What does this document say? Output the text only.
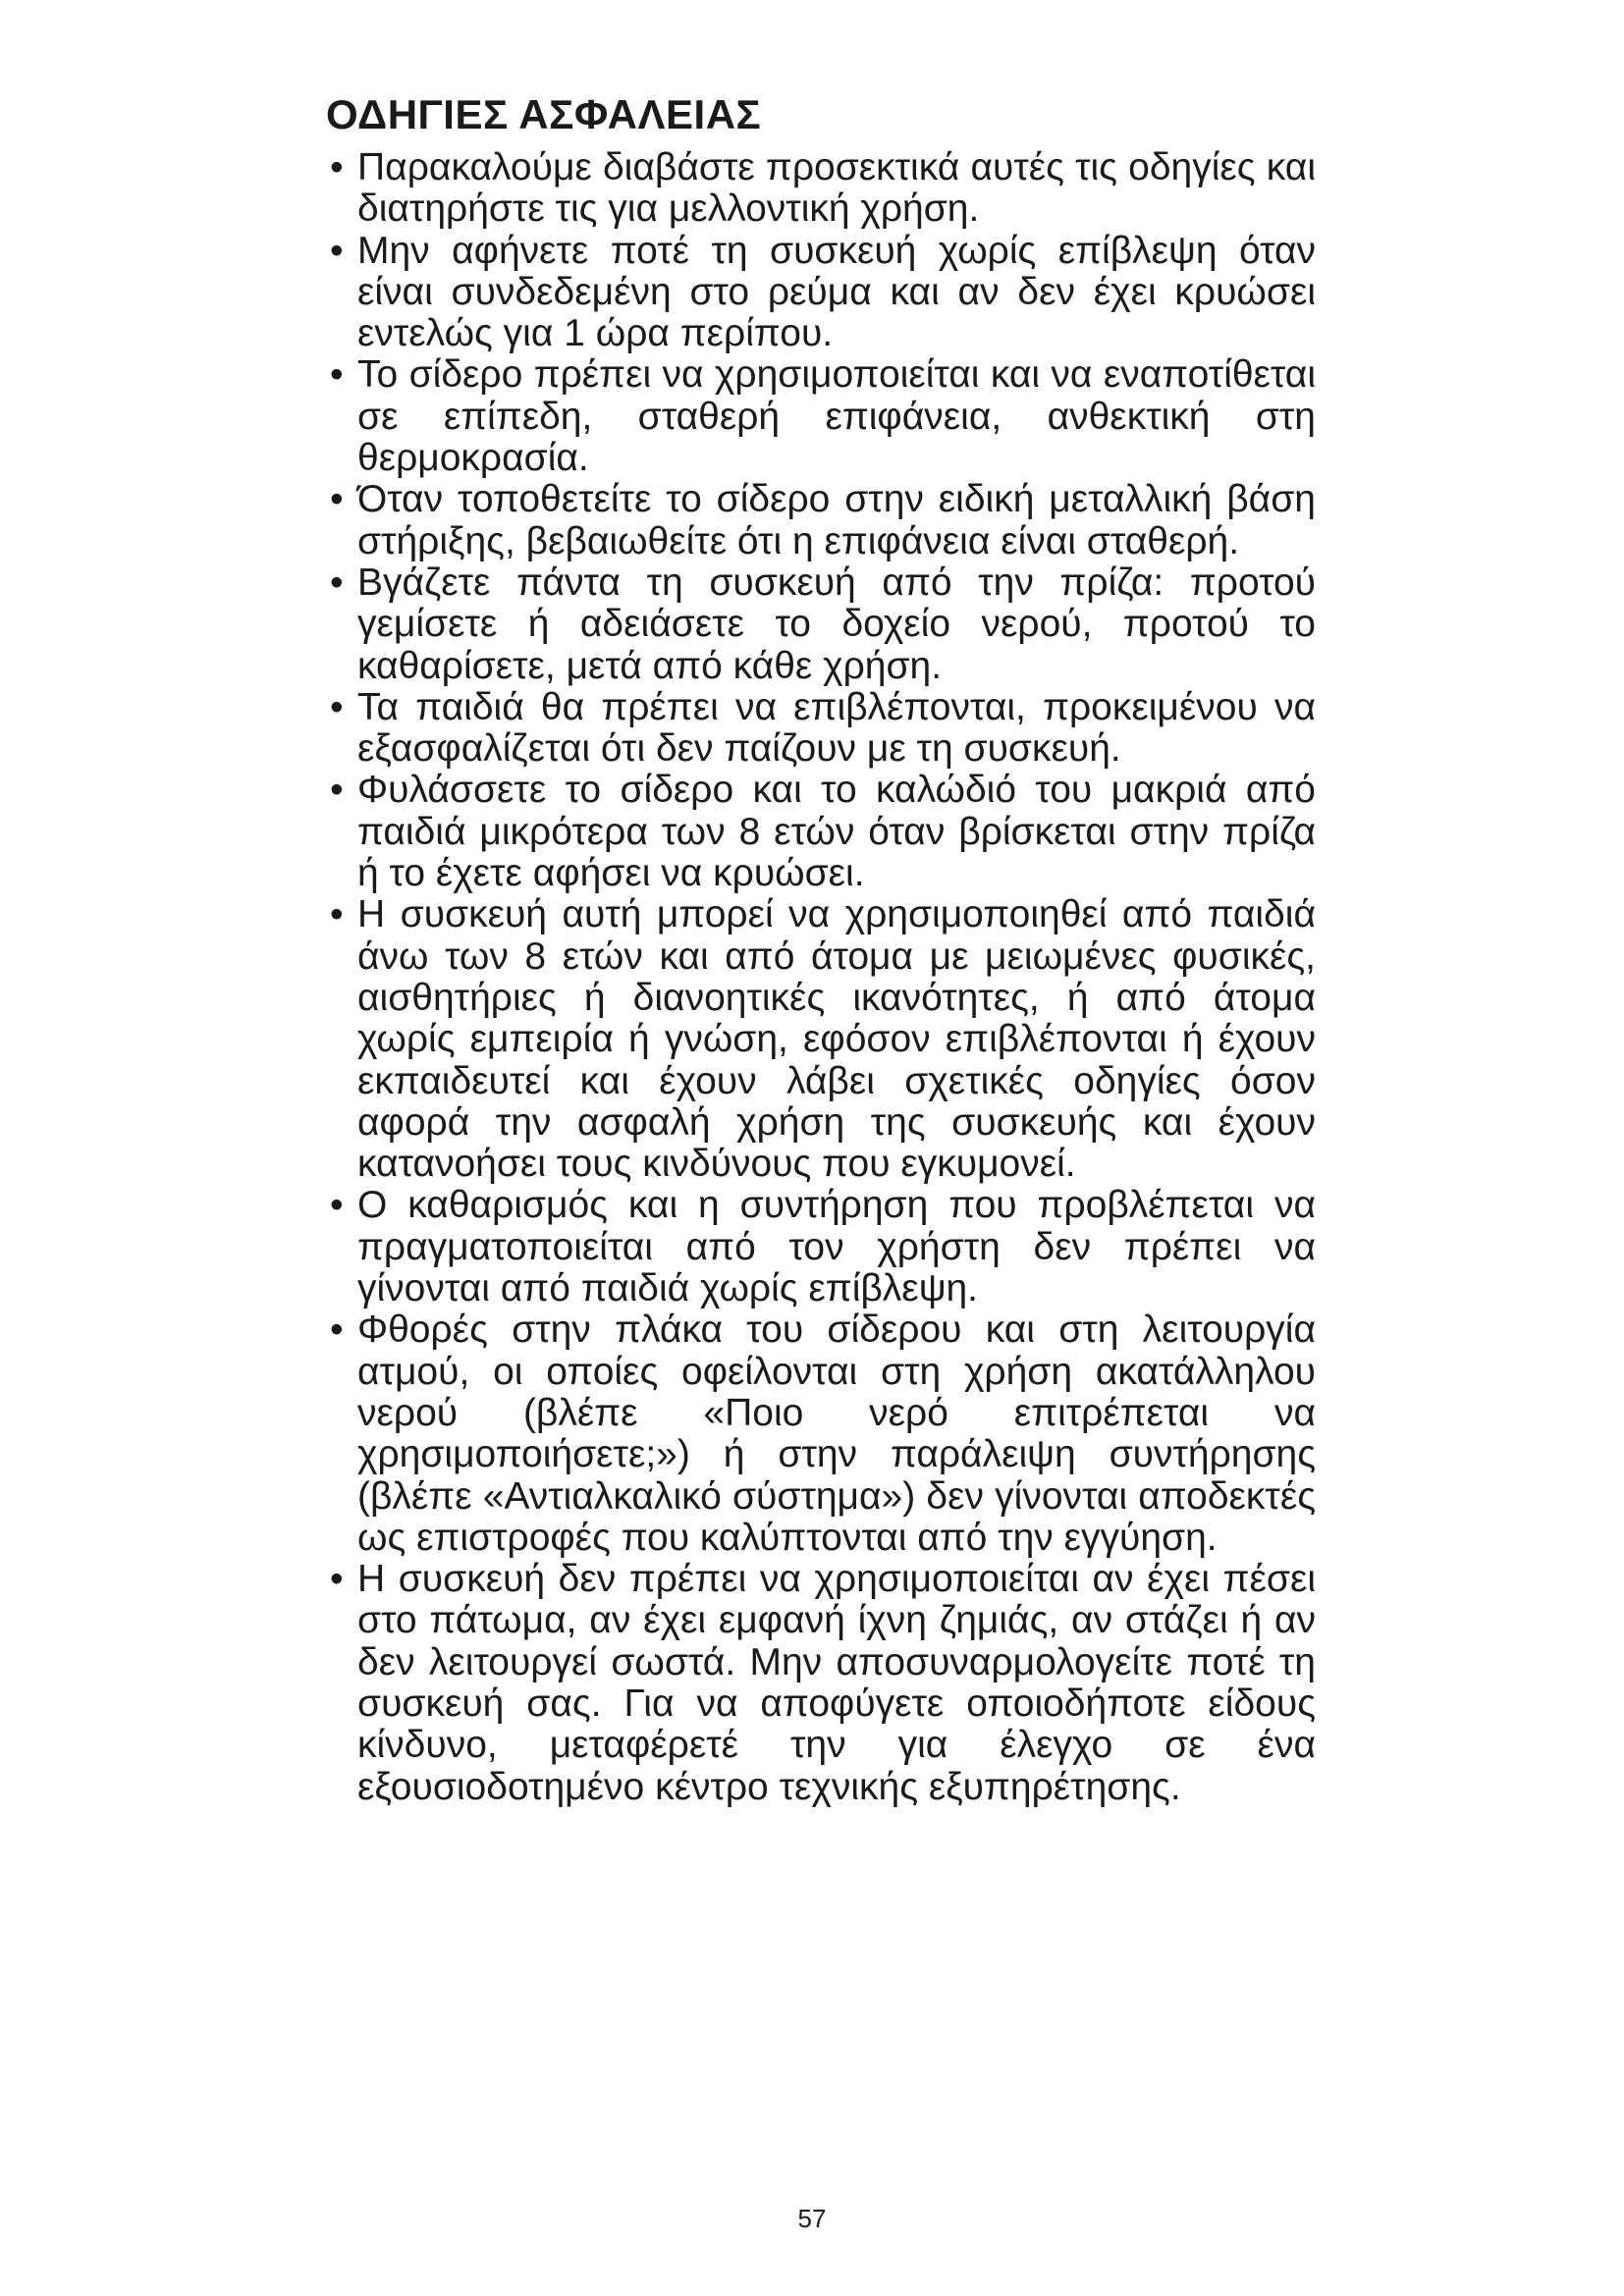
ΟΔΗΓΙΕΣ ΑΣΦΑΛΕΙΑΣ
• Παρακαλούμε διαβάστε προσεκτικά αυτές τις οδηγίες και διατηρήστε τις για μελλοντική χρήση.
• Μην αφήνετε ποτέ τη συσκευή χωρίς επίβλεψη όταν είναι συνδεδεμένη στο ρεύμα και αν δεν έχει κρυώσει εντελώς για 1 ώρα περίπου.
• Το σίδερο πρέπει να χρησιμοποιείται και να εναποτίθεται σε επίπεδη, σταθερή επιφάνεια, ανθεκτική στη θερμοκρασία.
• Όταν τοποθετείτε το σίδερο στην ειδική μεταλλική βάση στήριξης, βεβαιωθείτε ότι η επιφάνεια είναι σταθερή.
• Βγάζετε πάντα τη συσκευή από την πρίζα: προτού γεμίσετε ή αδειάσετε το δοχείο νερού, προτού το καθαρίσετε, μετά από κάθε χρήση.
• Τα παιδιά θα πρέπει να επιβλέπονται, προκειμένου να εξασφαλίζεται ότι δεν παίζουν με τη συσκευή.
• Φυλάσσετε το σίδερο και το καλώδιό του μακριά από παιδιά μικρότερα των 8 ετών όταν βρίσκεται στην πρίζα ή το έχετε αφήσει να κρυώσει.
• Η συσκευή αυτή μπορεί να χρησιμοποιηθεί από παιδιά άνω των 8 ετών και από άτομα με μειωμένες φυσικές, αισθητήριες ή διανοητικές ικανότητες, ή από άτομα χωρίς εμπειρία ή γνώση, εφόσον επιβλέπονται ή έχουν εκπαιδευτεί και έχουν λάβει σχετικές οδηγίες όσον αφορά την ασφαλή χρήση της συσκευής και έχουν κατανοήσει τους κινδύνους που εγκυμονεί.
• Ο καθαρισμός και η συντήρηση που προβλέπεται να πραγματοποιείται από τον χρήστη δεν πρέπει να γίνονται από παιδιά χωρίς επίβλεψη.
• Φθορές στην πλάκα του σίδερου και στη λειτουργία ατμού, οι οποίες οφείλονται στη χρήση ακατάλληλου νερού (βλέπε «Ποιο νερό επιτρέπεται να χρησιμοποιήσετε;») ή στην παράλειψη συντήρησης (βλέπε «Αντιαλκαλικό σύστημα») δεν γίνονται αποδεκτές ως επιστροφές που καλύπτονται από την εγγύηση.
• Η συσκευή δεν πρέπει να χρησιμοποιείται αν έχει πέσει στο πάτωμα, αν έχει εμφανή ίχνη ζημιάς, αν στάζει ή αν δεν λειτουργεί σωστά. Μην αποσυναρμολογείτε ποτέ τη συσκευή σας. Για να αποφύγετε οποιοδήποτε είδους κίνδυνο, μεταφέρετέ την για έλεγχο σε ένα εξουσιοδοτημένο κέντρο τεχνικής εξυπηρέτησης.
57
